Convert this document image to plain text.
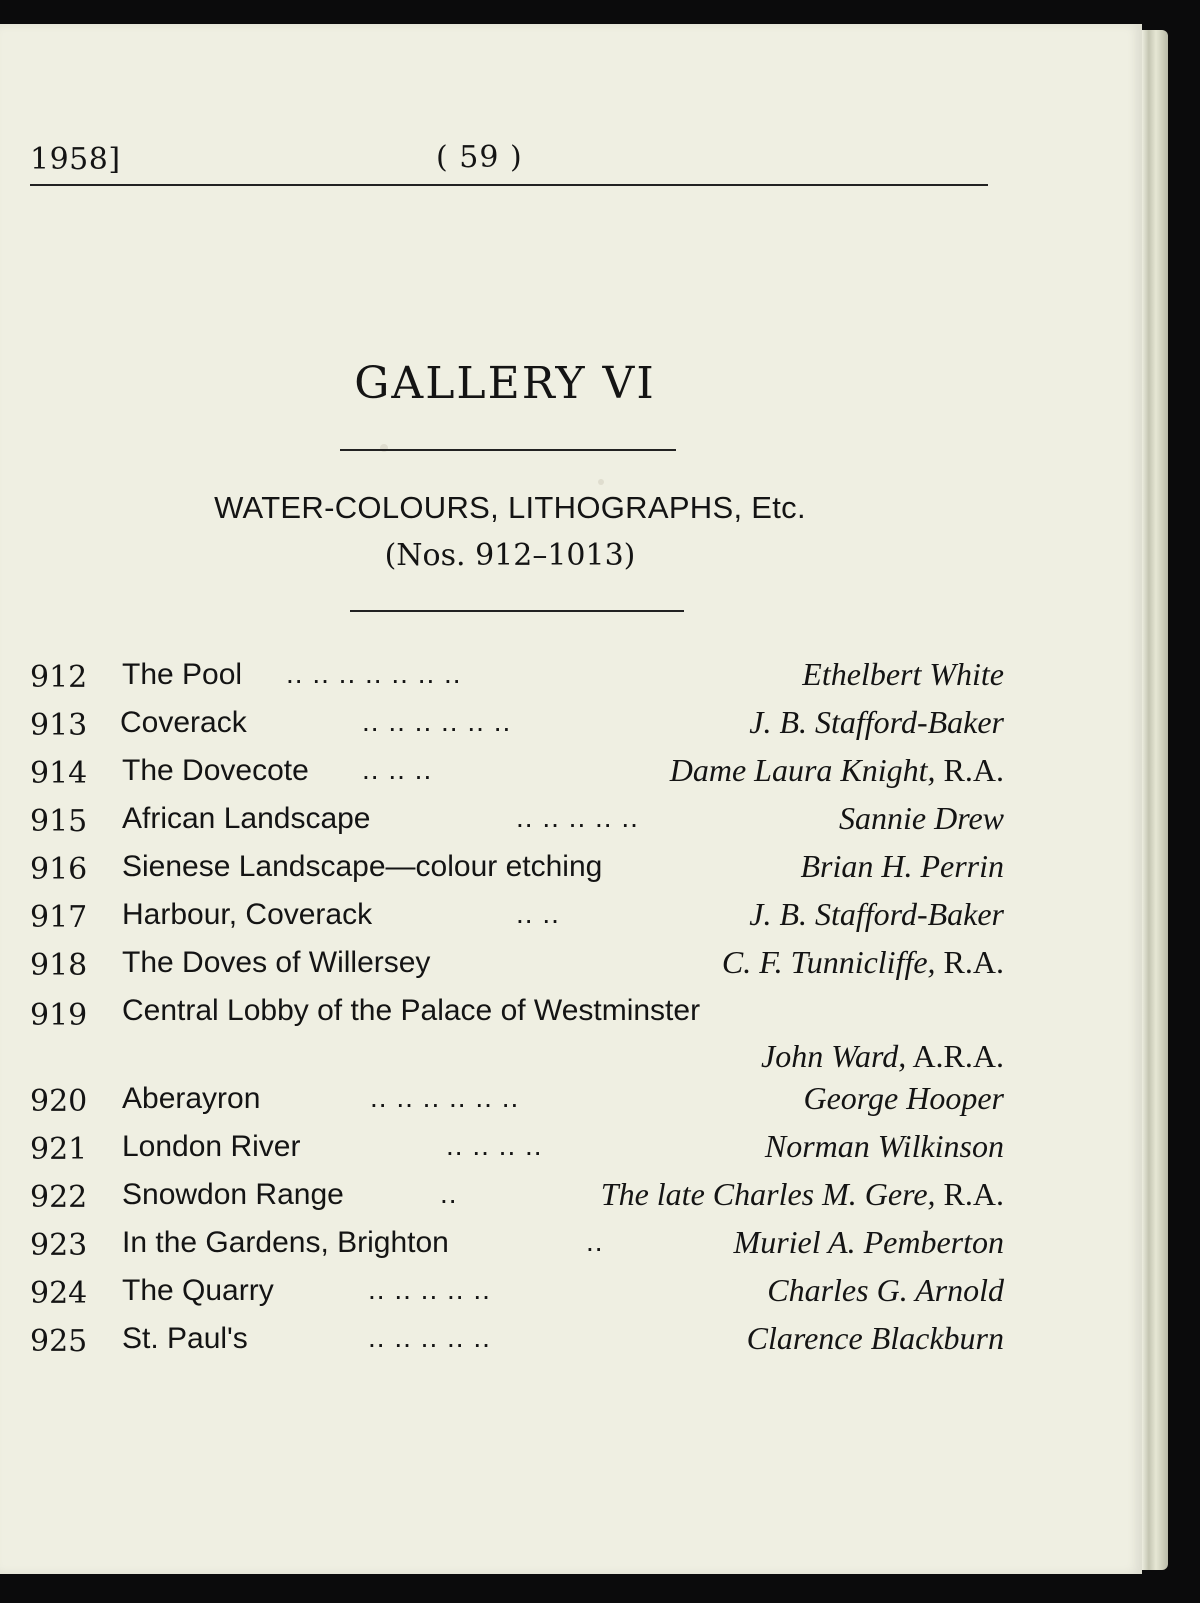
1958]	( 59 )
GALLERY VI
WATER-COLOURS, LITHOGRAPHS, Etc.
(Nos. 912–1013)
912 The Pool .. .. .. .. .. .. ..	Ethelbert White
913 Coverack	.. .. .. .. .. ..	J. B. Stafford-Baker
914 The Dovecote .. .. ..	Dame Laura Knight, R.A.
915 African Landscape	.. .. .. .. ..	Sannie Drew
916 Sienese Landscape—colour etching	Brian H. Perrin
917 Harbour, Coverack	.. ..	J. B. Stafford-Baker
918 The Doves of Willersey	C. F. Tunnicliffe, R.A.
919 Central Lobby of the Palace of Westminster
John Ward, A.R.A.
920 Aberayron	.. .. .. .. .. ..	George Hooper
921 London River	.. .. .. ..	Norman Wilkinson
922 Snowdon Range	..	The late Charles M. Gere, R.A.
923 In the Gardens, Brighton	..	Muriel A. Pemberton
924 The Quarry	.. .. .. .. ..	Charles G. Arnold
925 St. Paul's	.. .. .. .. ..	Clarence Blackburn
